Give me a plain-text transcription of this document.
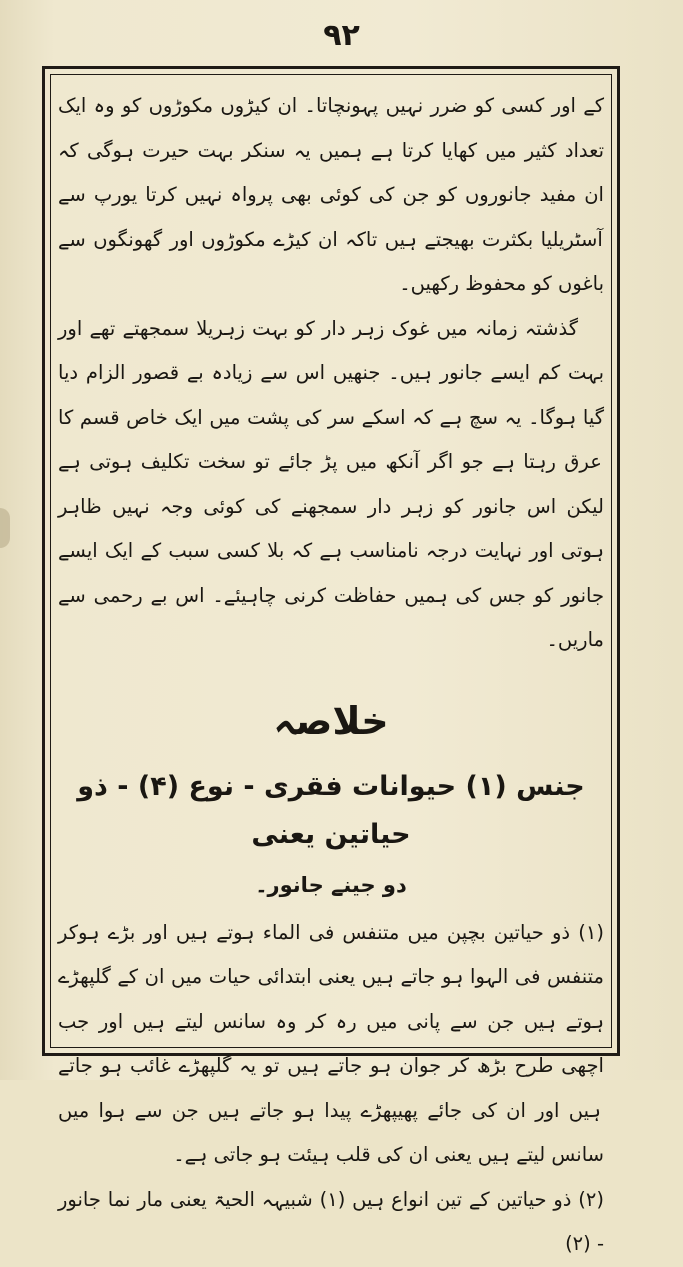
۹۲

کے اور کسی کو ضرر نہیں پہونچاتا۔ ان کیڑوں مکوڑوں کو وہ ایک تعداد کثیر میں کھایا کرتا ہے ہمیں یہ سنکر بہت حیرت ہوگی کہ ان مفید جانوروں کو جن کی کوئی بھی پرواہ نہیں کرتا یورپ سے آسٹریلیا بکثرت بھیجتے ہیں تاکہ ان کیڑے مکوڑوں اور گھونگوں سے باغوں کو محفوظ رکھیں۔

گذشتہ زمانہ میں غوک زہر دار کو بہت زہریلا سمجھتے تھے اور بہت کم ایسے جانور ہیں۔ جنھیں اس سے زیادہ بے قصور الزام دیا گیا ہوگا۔ یہ سچ ہے کہ اسکے سر کی پشت میں ایک خاص قسم کا عرق رہتا ہے جو اگر آنکھ میں پڑ جائے تو سخت تکلیف ہوتی ہے لیکن اس جانور کو زہر دار سمجھنے کی کوئی وجہ نہیں ظاہر ہوتی اور نہایت درجہ نامناسب ہے کہ بلا کسی سبب کے ایک ایسے جانور کو جس کی ہمیں حفاظت کرنی چاہیئے۔ اس بے رحمی سے ماریں۔

خلاصہ
جنس (۱) حیوانات فقری - نوع (۴) - ذو حیاتین یعنی
دو جینے جانور۔

(۱) ذو حیاتین بچپن میں متنفس فی الماء ہوتے ہیں اور بڑے ہوکر متنفس فی الہوا ہو جاتے ہیں یعنی ابتدائی حیات میں ان کے گلپھڑے ہوتے ہیں جن سے پانی میں رہ کر وہ سانس لیتے ہیں اور جب اچھی طرح بڑھ کر جوان ہو جاتے ہیں تو یہ گلپھڑے غائب ہو جاتے ہیں اور ان کی جائے پھیپھڑے پیدا ہو جاتے ہیں جن سے ہوا میں سانس لیتے ہیں یعنی ان کی قلب ہیئت ہو جاتی ہے۔

(۲) ذو حیاتین کے تین انواع ہیں (۱) شبیہہ الحیۃ یعنی مار نما جانور - (۲)
